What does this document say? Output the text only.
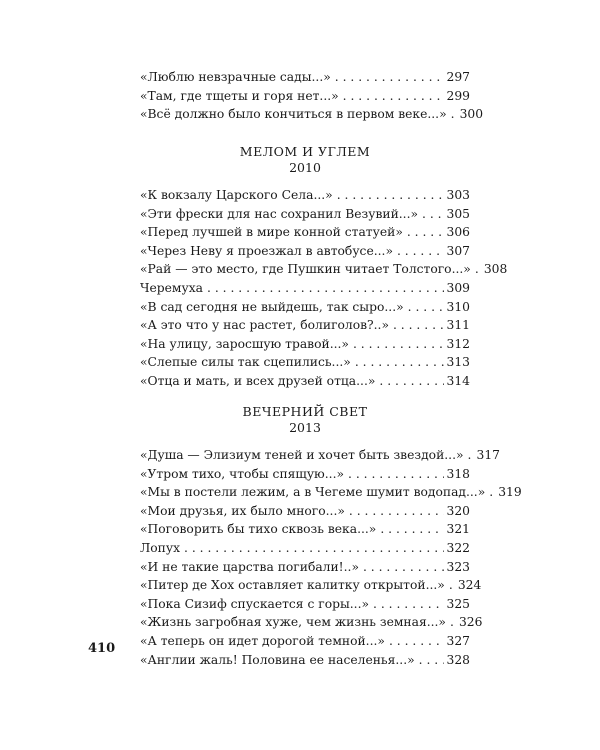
«Люблю невзрачные сады...» . . .	297
«Там, где тщеты и горя нет...» . . .	299
«Всё должно было кончиться в первом веке...» . . . 300
МЕЛОМ И УГЛЕМ
2010
«К вокзалу Царского Села...» . . .	303
«Эти фрески для нас сохранил Везувий...» . . . 305
«Перед лучшей в мире конной статуей» . . .	306
«Через Неву я проезжал в автобусе...» . . .	307
«Рай — это место, где Пушкин читает Толстого...» . . . 308
Черемуха . . .	309
«В сад сегодня не выйдешь, так сыро...» . . .	310
«А это что у нас растет, болиголов?..» . . .	311
«На улицу, заросшую травой...» . . .	312
«Слепые силы так сцепились...» . . .	313
«Отца и мать, и всех друзей отца...» . . .	314
ВЕЧЕРНИЙ СВЕТ
2013
«Душа — Элизиум теней и хочет быть звездой...» . . . 317
«Утром тихо, чтобы спящую...» . . .	318
«Мы в постели лежим, а в Чегеме шумит водопад...» . . . 319
«Мои друзья, их было много...» . . .	320
«Поговорить бы тихо сквозь века...» . . .	321
Лопух . . .	322
«И не такие царства погибали!..» . . .	323
«Питер де Хох оставляет калитку открытой...» . . . 324
«Пока Сизиф спускается с горы...» . . .	325
«Жизнь загробная хуже, чем жизнь земная...» . . . 326
«А теперь он идет дорогой темной...» . . .	327
«Англии жаль! Половина ее населенья...» . . .	328
410
